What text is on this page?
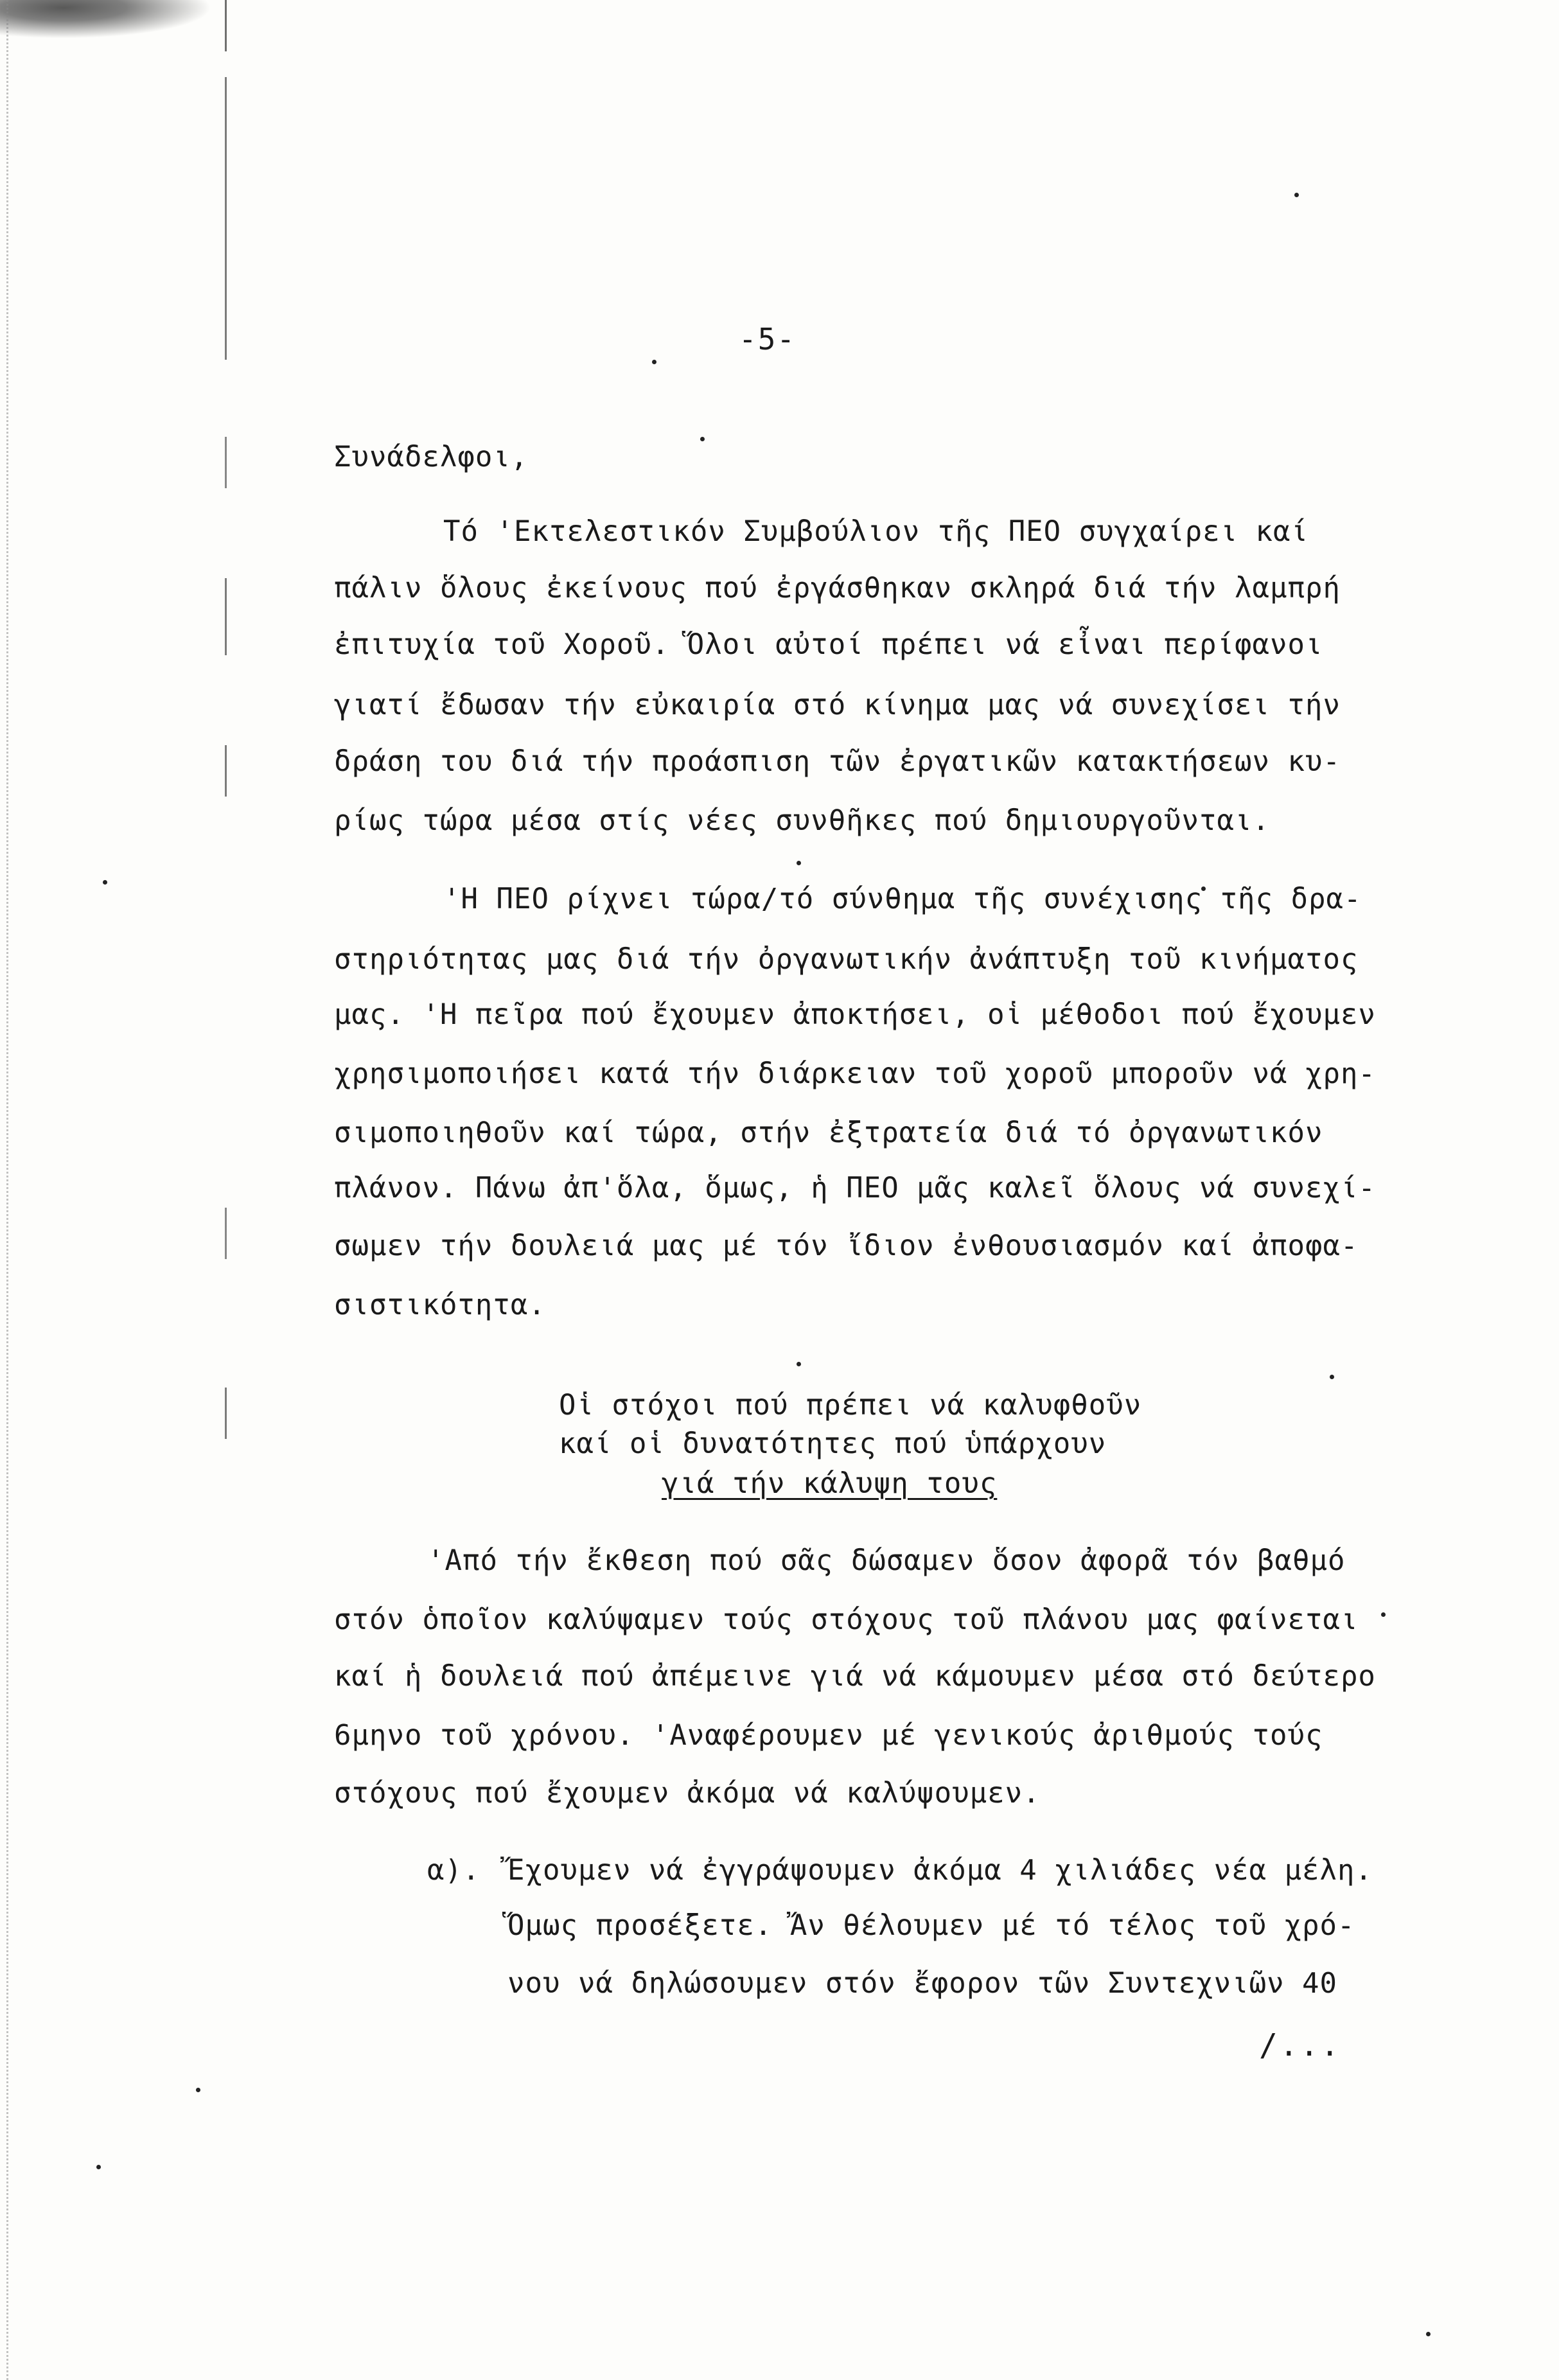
-5-
Συνάδελφοι,
Τό 'Εκτελεστικόν Συμβούλιον τῆς ΠΕΟ συγχαίρει καί
πάλιν ὅλους ἐκείνους πού ἐργάσθηκαν σκληρά διά τήν λαμπρή
ἐπιτυχία τοῦ Χοροῦ. Ὅλοι αὐτοί πρέπει νά εἶναι περίφανοι
γιατί ἔδωσαν τήν εὐκαιρία στό κίνημα μας νά συνεχίσει τήν
δράση του διά τήν προάσπιση τῶν ἐργατικῶν κατακτήσεων κυ-
ρίως τώρα μέσα στίς νέες συνθῆκες πού δημιουργοῦνται.
'Η ΠΕΟ ρίχνει τώρα/τό σύνθημα τῆς συνέχισης τῆς δρα-
στηριότητας μας διά τήν ὀργανωτικήν ἀνάπτυξη τοῦ κινήματος
μας. 'Η πεῖρα πού ἔχουμεν ἀποκτήσει, οἱ μέθοδοι πού ἔχουμεν
χρησιμοποιήσει κατά τήν διάρκειαν τοῦ χοροῦ μποροῦν νά χρη-
σιμοποιηθοῦν καί τώρα, στήν ἐξτρατεία διά τό ὀργανωτικόν
πλάνον. Πάνω ἀπ'ὅλα, ὅμως, ἡ ΠΕΟ μᾶς καλεῖ ὅλους νά συνεχί-
σωμεν τήν δουλειά μας μέ τόν ἴδιον ἐνθουσιασμόν καί ἀποφα-
σιστικότητα.
Οἱ στόχοι πού πρέπει νά καλυφθοῦν
καί οἱ δυνατότητες πού ὑπάρχουν
γιά τήν κάλυψη τους
'Από τήν ἔκθεση πού σᾶς δώσαμεν ὅσον ἀφορᾶ τόν βαθμό
στόν ὁποῖον καλύψαμεν τούς στόχους τοῦ πλάνου μας φαίνεται
καί ἡ δουλειά πού ἀπέμεινε γιά νά κάμουμεν μέσα στό δεύτερο
6μηνο τοῦ χρόνου. 'Αναφέρουμεν μέ γενικούς ἀριθμούς τούς
στόχους πού ἔχουμεν ἀκόμα νά καλύψουμεν.
α). Ἔχουμεν νά ἐγγράψουμεν ἀκόμα 4 χιλιάδες νέα μέλη.
Ὅμως προσέξετε. Ἄν θέλουμεν μέ τό τέλος τοῦ χρό-
νου νά δηλώσουμεν στόν ἔφορον τῶν Συντεχνιῶν 40
/...
